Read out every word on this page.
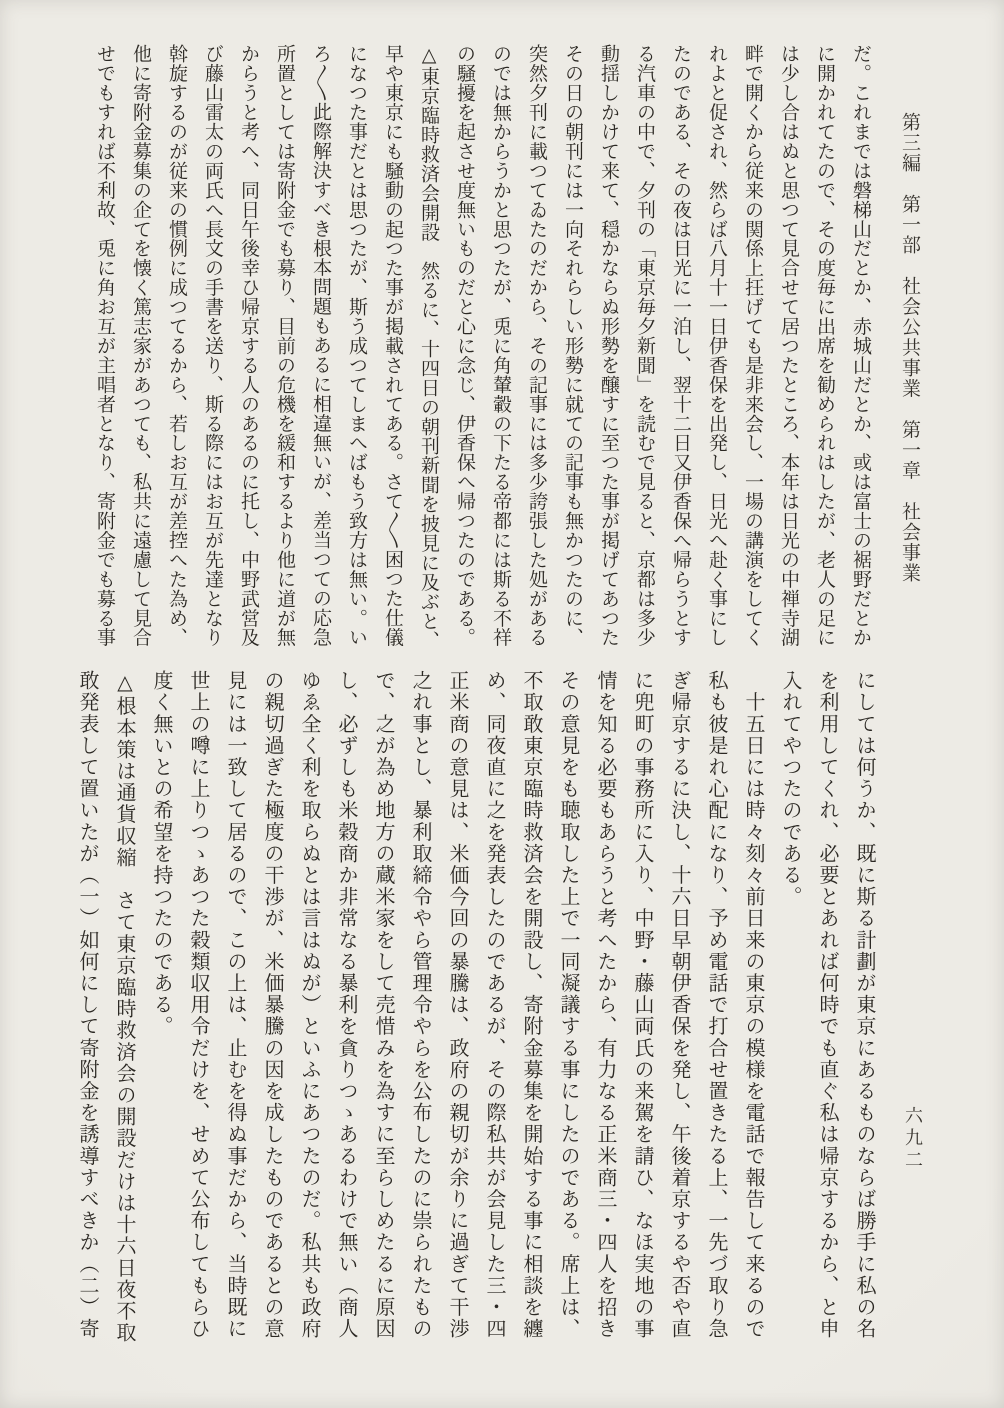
第三編　第一部　社会公共事業　第一章　社会事業
六九二
だ。これまでは磐梯山だとか、赤城山だとか、或は富士の裾野だとか
に開かれてたので、その度毎に出席を勧められはしたが、老人の足に
は少し合はぬと思つて見合せて居つたところ、本年は日光の中禅寺湖
畔で開くから従来の関係上抂げても是非来会し、一場の講演をしてく
れよと促され、然らば八月十一日伊香保を出発し、日光へ赴く事にし
たのである、その夜は日光に一泊し、翌十二日又伊香保へ帰らうとす
る汽車の中で、夕刊の「東京毎夕新聞」を読むで見ると、京都は多少
動揺しかけて来て、穏かならぬ形勢を醸すに至つた事が掲げてあつた
その日の朝刊には一向それらしい形勢に就ての記事も無かつたのに、
突然夕刊に載つてゐたのだから、その記事には多少誇張した処がある
のでは無からうかと思つたが、兎に角輦轂の下たる帝都には斯る不祥
の騒擾を起させ度無いものだと心に念じ、伊香保へ帰つたのである。
△東京臨時救済会開設　然るに、十四日の朝刊新聞を披見に及ぶと、
早や東京にも騒動の起つた事が掲載されてある。さて〱困つた仕儀
になつた事だとは思つたが、斯う成つてしまへばもう致方は無い。い
ろ〱此際解決すべき根本問題もあるに相違無いが、差当つての応急
所置としては寄附金でも募り、目前の危機を緩和するより他に道が無
からうと考へ、同日午後幸ひ帰京する人のあるのに托し、中野武営及
び藤山雷太の両氏へ長文の手書を送り、斯る際にはお互が先達となり
斡旋するのが従来の慣例に成つてるから、若しお互が差控へた為め、
他に寄附金募集の企てを懐く篤志家があつても、私共に遠慮して見合
せでもすれば不利故、兎に角お互が主唱者となり、寄附金でも募る事
にしては何うか、既に斯る計劃が東京にあるものならば勝手に私の名
を利用してくれ、必要とあれば何時でも直ぐ私は帰京するから、と申
入れてやつたのである。
　十五日には時々刻々前日来の東京の模様を電話で報告して来るので
私も彼是れ心配になり、予め電話で打合せ置きたる上、一先づ取り急
ぎ帰京するに決し、十六日早朝伊香保を発し、午後着京するや否や直
に兜町の事務所に入り、中野・藤山両氏の来駕を請ひ、なほ実地の事
情を知る必要もあらうと考へたから、有力なる正米商三・四人を招き
その意見をも聴取した上で一同凝議する事にしたのである。席上は、
不取敢東京臨時救済会を開設し、寄附金募集を開始する事に相談を纏
め、同夜直に之を発表したのであるが、その際私共が会見した三・四
正米商の意見は、米価今回の暴騰は、政府の親切が余りに過ぎて干渉
之れ事とし、暴利取締令やら管理令やらを公布したのに祟られたもの
で、之が為め地方の蔵米家をして売惜みを為すに至らしめたるに原因
し、必ずしも米穀商か非常なる暴利を貪りつゝあるわけで無い（商人
ゆゑ全く利を取らぬとは言はぬが）といふにあつたのだ。私共も政府
の親切過ぎた極度の干渉が、米価暴騰の因を成したものであるとの意
見には一致して居るので、この上は、止むを得ぬ事だから、当時既に
世上の噂に上りつゝあつた穀類収用令だけを、せめて公布してもらひ
度く無いとの希望を持つたのである。
△根本策は通貨収縮　さて東京臨時救済会の開設だけは十六日夜不取
敢発表して置いたが（一）如何にして寄附金を誘導すべきか（二）寄
